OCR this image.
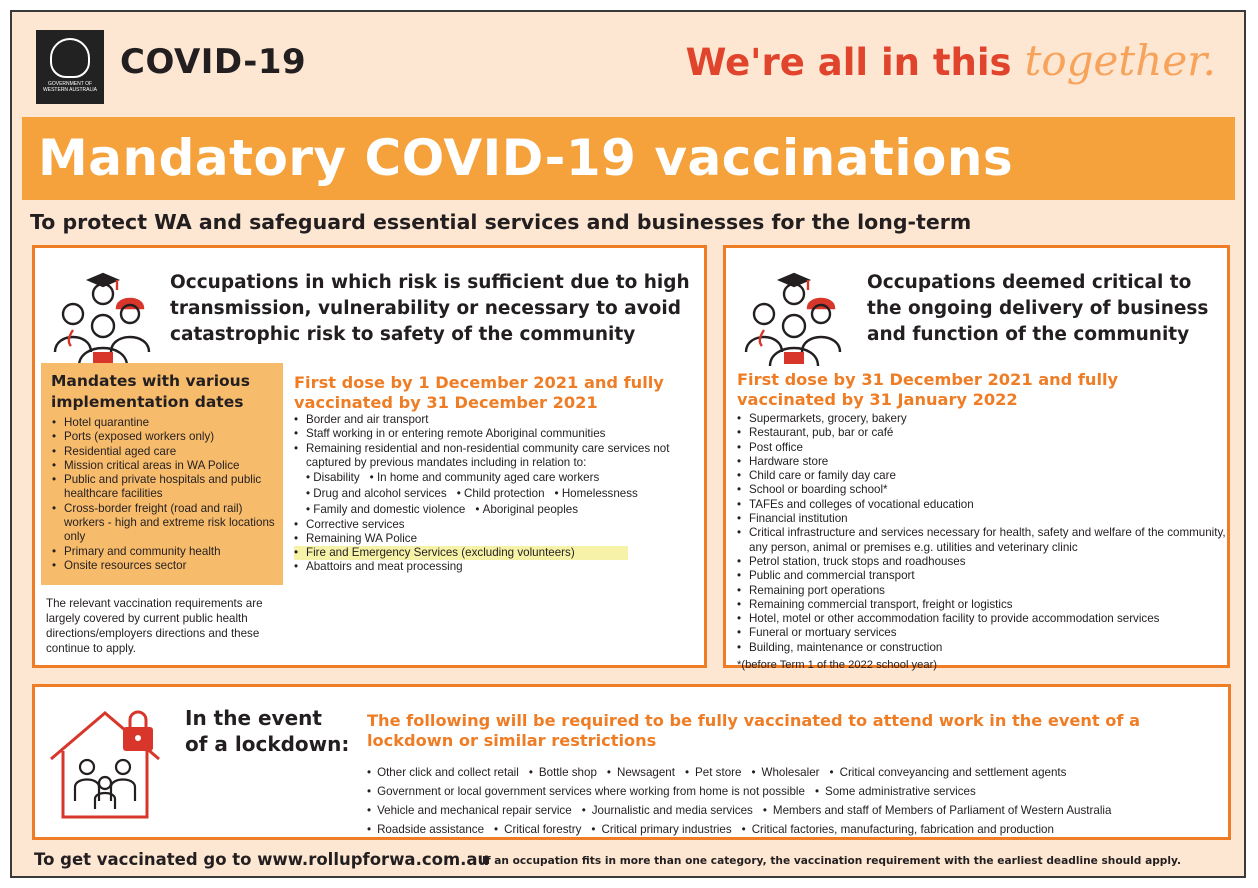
GOVERNMENT OF WESTERN AUSTRALIA
COVID-19	We're all in this together.
Mandatory COVID-19 vaccinations
To protect WA and safeguard essential services and businesses for the long-term
Occupations in which risk is sufficient due to high transmission, vulnerability or necessary to avoid catastrophic risk to safety of the community
Mandates with various implementation dates
• Hotel quarantine
• Ports (exposed workers only)
• Residential aged care
• Mission critical areas in WA Police
• Public and private hospitals and public healthcare facilities
• Cross-border freight (road and rail) workers - high and extreme risk locations only
• Primary and community health
• Onsite resources sector
The relevant vaccination requirements are largely covered by current public health directions/employers directions and these continue to apply.
First dose by 1 December 2021 and fully vaccinated by 31 December 2021
• Border and air transport
• Staff working in or entering remote Aboriginal communities
• Remaining residential and non-residential community care services not captured by previous mandates including in relation to:
• Disability • In home and community aged care workers
• Drug and alcohol services • Child protection • Homelessness
• Family and domestic violence • Aboriginal peoples
• Corrective services
• Remaining WA Police
• Fire and Emergency Services (excluding volunteers)
• Abattoirs and meat processing
Occupations deemed critical to the ongoing delivery of business and function of the community
First dose by 31 December 2021 and fully vaccinated by 31 January 2022
• Supermarkets, grocery, bakery
• Restaurant, pub, bar or café
• Post office
• Hardware store
• Child care or family day care
• School or boarding school*
• TAFEs and colleges of vocational education
• Financial institution
• Critical infrastructure and services necessary for health, safety and welfare of the community, any person, animal or premises e.g. utilities and veterinary clinic
• Petrol station, truck stops and roadhouses
• Public and commercial transport
• Remaining port operations
• Remaining commercial transport, freight or logistics
• Hotel, motel or other accommodation facility to provide accommodation services
• Funeral or mortuary services
• Building, maintenance or construction
*(before Term 1 of the 2022 school year)
In the event
of a lockdown:
The following will be required to be fully vaccinated to attend work in the event of a lockdown or similar restrictions
• Other click and collect retail • Bottle shop • Newsagent • Pet store • Wholesaler • Critical conveyancing and settlement agents
• Government or local government services where working from home is not possible • Some administrative services
• Vehicle and mechanical repair service • Journalistic and media services • Members and staff of Members of Parliament of Western Australia
• Roadside assistance • Critical forestry • Critical primary industries • Critical factories, manufacturing, fabrication and production
To get vaccinated go to www.rollupforwa.com.au
If an occupation fits in more than one category, the vaccination requirement with the earliest deadline should apply.
